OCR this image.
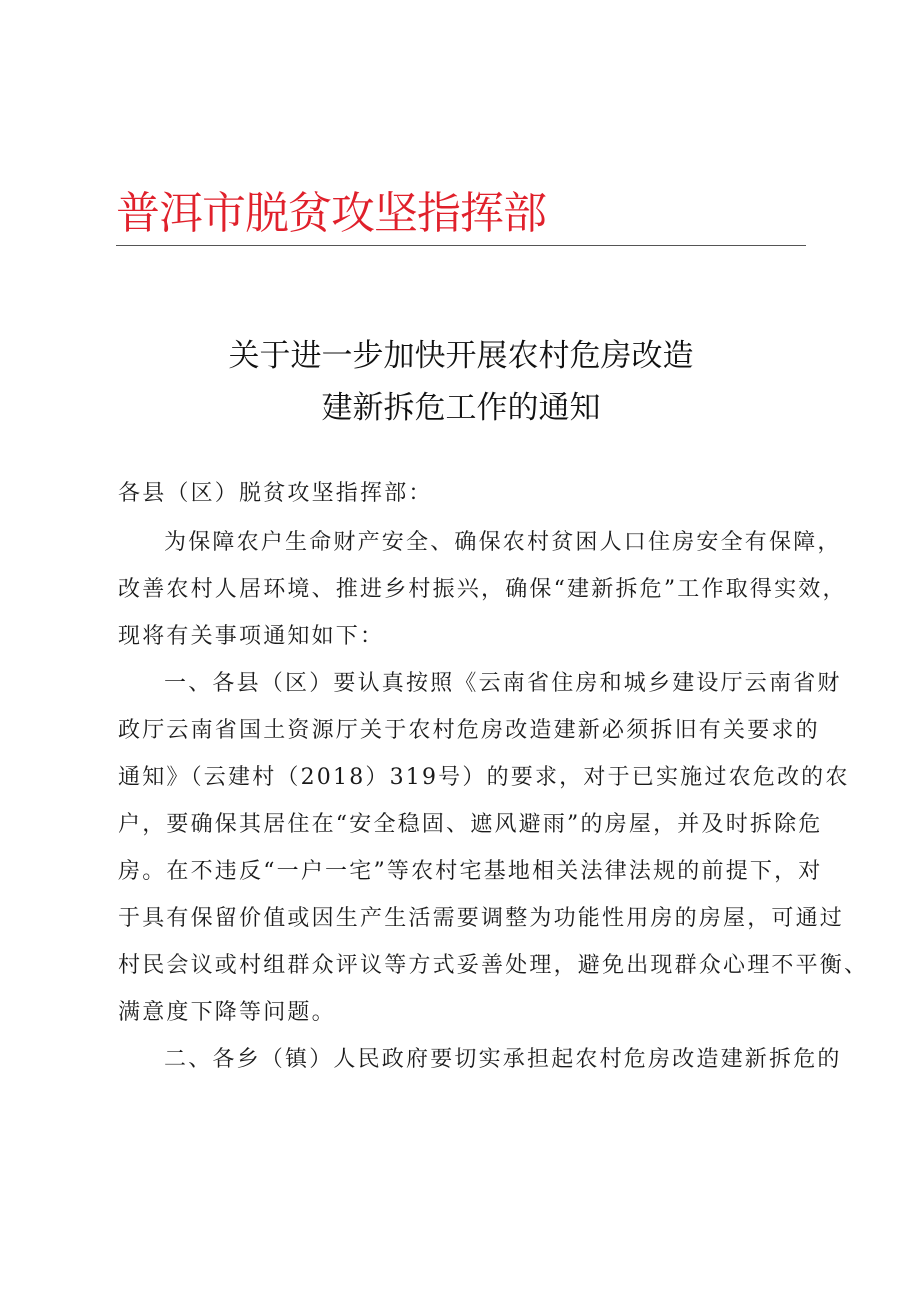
普洱市脱贫攻坚指挥部
关于进一步加快开展农村危房改造
建新拆危工作的通知
各县（区）脱贫攻坚指挥部：
为保障农户生命财产安全、确保农村贫困人口住房安全有保障，
改善农村人居环境、推进乡村振兴，确保“建新拆危”工作取得实效，
现将有关事项通知如下：
一、各县（区）要认真按照《云南省住房和城乡建设厅云南省财
政厅云南省国土资源厅关于农村危房改造建新必须拆旧有关要求的
通知》（云建村（2018）319号）的要求，对于已实施过农危改的农
户，要确保其居住在“安全稳固、遮风避雨”的房屋，并及时拆除危
房。在不违反“一户一宅”等农村宅基地相关法律法规的前提下，对
于具有保留价值或因生产生活需要调整为功能性用房的房屋，可通过
村民会议或村组群众评议等方式妥善处理，避免出现群众心理不平衡、
满意度下降等问题。
二、各乡（镇）人民政府要切实承担起农村危房改造建新拆危的
